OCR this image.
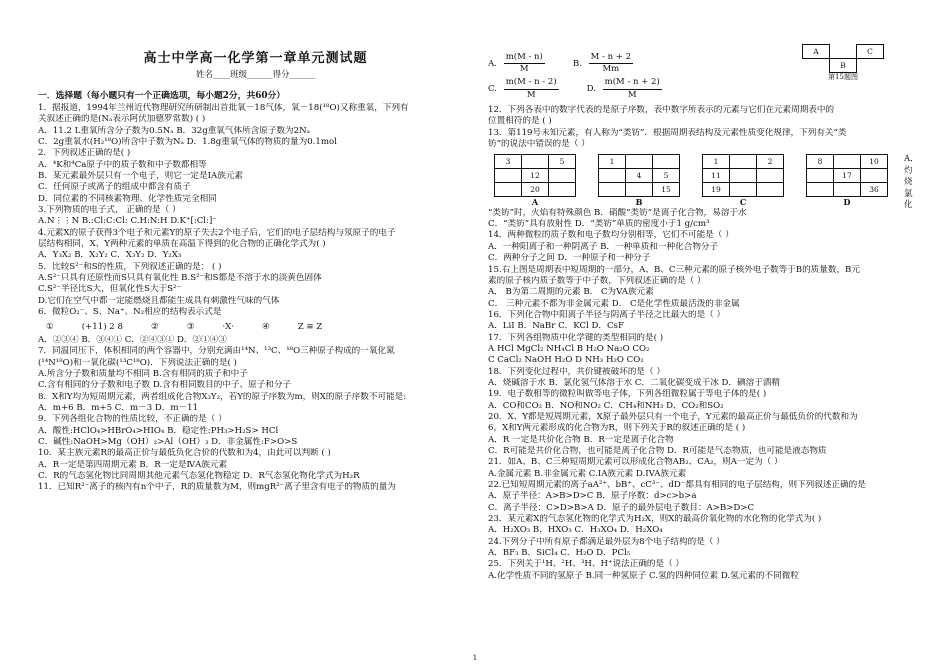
高士中学高一化学第一章单元测试题
姓名____班级______得分______
一．选择题（每小题只有一个正确选项，每小题2分，共60分）
1．据报道，1994年兰州近代物理研究所研制出首批氧－18气体，氧－18(¹⁸O)又称重氧，下列有
关叙述正确的是(Nₐ表示阿伏加德罗常数) ( )
A．11.2 L重氧所含分子数为0.5Nₐ B．32g重氧气体所含原子数为2Nₐ
C．2g重氧水(H₂¹⁸O)所含中子数为Nₐ D．1.8g重氧气体的物质的量为0.1mol
2．下列叙述正确的是( )
A．⁴K和⁴Ca原子中的质子数和中子数都相等
B．某元素最外层只有一个电子，则它一定是ⅠA族元素
C．任何原子或离子的组成中都含有质子
D．同位素的不同核素物理、化学性质完全相同
3.下列物质的电子式， 正确的是（ ）
A.N⋮⋮N B.:Cl:C:Cl: C.H:N:H D.K⁺[:Cl:]⁻
4.元素X的原子获得3个电子和元素Y的原子失去2个电子后，它们的电子层结构与氖原子的电子
层结构相同，X、Y两种元素的单质在高温下得到的化合物的正确化学式为( )
A．Y₃X₂ B．X₂Y₂ C．X₃Y₂ D．Y₂X₃
5．比较S²⁻和S的性质，下列叙述正确的是： ( )
A.S²⁻只具有还原性而S只具有氧化性 B.S²⁻和S都是不溶于水的淡黄色固体
C.S²⁻半径比S大，但氧化性S大于S²⁻
D.它们在空气中都一定能燃烧且都能生成具有刺激性气味的气体
6．微粒O₂⁻、S、Na⁺、N₂相应的结构表示式是
①	(+11) 2 8	②	③	·X·	④	Z ≡ Z
A．②③④ B．③④① C．②④③① D．②①④③
7．同温同压下，体积相同的两个容器中，分别充满由¹⁴N、¹³C、¹⁸O三种原子构成的一氧化氮
(¹⁴N¹⁸O)和一氧化碳(¹³C¹⁸O)．下列说法正确的是( )
A.所含分子数和质量均不相同 B.含有相同的质子和中子
C.含有相同的分子数和电子数 D.含有相同数目的中子、原子和分子
8．X和Y均为短周期元素，两者组成化合物X₃Y₂，若Y的原子序数为m，则X的原子序数不可能是:
A．m+6 B．m+5 C．m－3 D．m－11
9．下列各组化合物的性质比较，不正确的是（ ）
A．酸性:HClO₄>HBrO₄>HIO₄ B．稳定性:PH₃>H₂S> HCl
C．碱性:NaOH>Mg（OH）₂>Al（OH）₃ D．非金属性:F>O>S
10．某主族元素R的最高正价与最低负化合价的代数和为4，由此可以判断 ( )
A．R一定是第四周期元素 B．R一定是ⅣA族元素
C．R的气态氢化物比同周期其他元素气态氢化物稳定 D．R气态氢化物化学式为H₂R
11．已知R²⁻离子的核内有n个中子，R的质量数为M，则mgR²⁻离子里含有电子的物质的量为
A. $\frac{m(M - n)}{M}$	B. $\frac{M - n + 2}{Mm}$
C. $\frac{m(M - n - 2)}{M}$	D. $\frac{m(M - n + 2)}{M}$
A		C
	B	
第15题图
12．下列各表中的数字代表的是原子序数，表中数字所表示的元素与它们在元素周期表中的
位置相符的是 ( )
13．第119号未知元素，有人称为“类钫”．根据周期表结构及元素性质变化规律，下列有关“类
钫”的说法中错误的是（ ）
3		5
	12	
	20	
A
1		
	4	5
		15
B
1		2
11		
19		
C
8		10
	17	
		36
D
A．灼烧氯化
“类钫”时，火焰有特殊颜色 B．硝酸“类钫”是离子化合物，易溶于水
C．“类钫”具有放射性 D．“类钫”单质的密度小于1 g/cm³
14．两种微粒的质子数和电子数均分别相等，它们不可能是（ ）
A．一种阳离子和一种阴离子 B．一种单质和一种化合物分子
C．两种分子之间 D．一种原子和一种分子
15.右上图是周期表中短周期的一部分，A、B、C三种元素的原子核外电子数等于B的质量数，B元
素的原子核内质子数等于中子数，下列叙述正确的是（ ）
A． B为第二周期的元素 B． C为VA族元素
C． 三种元素不都为非金属元素 D． C是化学性质最活泼的非金属
16．下列化合物中阳离子半径与阴离子半径之比最大的是（ ）
A．LiI B．NaBr C．KCl D．CsF
17．下列各组物质中化学键的类型相同的是( )
A HCl MgCl₂ NH₄Cl B H₂O Na₂O CO₂
C CaCl₂ NaOH H₂O D NH₃ H₂O CO₂
18．下列变化过程中，共价键被破坏的是（ ）
A．烧碱溶于水 B．氯化氢气体溶于水 C．二氧化碳变成干冰 D．碘溶于酒精
19．电子数相等的微粒叫做等电子体，下列各组微粒属于等电子体的是( )
A．CO和CO₂ B．NO和NO₂ C．CH₄和NH₃ D．CO₂和SO₂
20．X、Y都是短周期元素，X原子最外层只有一个电子，Y元素的最高正价与最低负价的代数和为
6，X和Y两元素形成的化合物为R，则下列关于R的叙述正确的是 ( )
A．R 一定是共价化合物 B．R一定是离子化合物
C．R可能是共价化合物，也可能是离子化合物 D．R可能是气态物质，也可能是液态物质
21．如A、B、C三种短周期元素可以形成化合物AB₂、CA₂，则A一定为（ ）
A.金属元素 B.非金属元素 C.IA族元素 D.IVA族元素
22.已知短周期元素的离子aA²⁺、bB⁺、cC³⁻、dD⁻都具有相同的电子层结构，则下列叙述正确的是
A．原子半径：A>B>D>C B．原子序数：d>c>b>a
C．离子半径：C>D>B>A D．原子的最外层电子数目：A>B>D>C
23．某元素X的气态氢化物的化学式为H₂X，则X的最高价氧化物的水化物的化学式为( )
A．H₂XO₃ B．HXO₃ C．H₃XO₄ D．H₂XO₄
24.下列分子中所有原子都满足最外层为8个电子结构的是（ ）
A．BF₃ B．SiCl₄ C．H₂O D．PCl₅
25．下列关于¹H、²H、³H、H⁺说法正确的是（ ）
A.化学性质不同的氢原子 B.同一种氢原子 C.氢的四种同位素 D.氢元素的不同微粒
1
